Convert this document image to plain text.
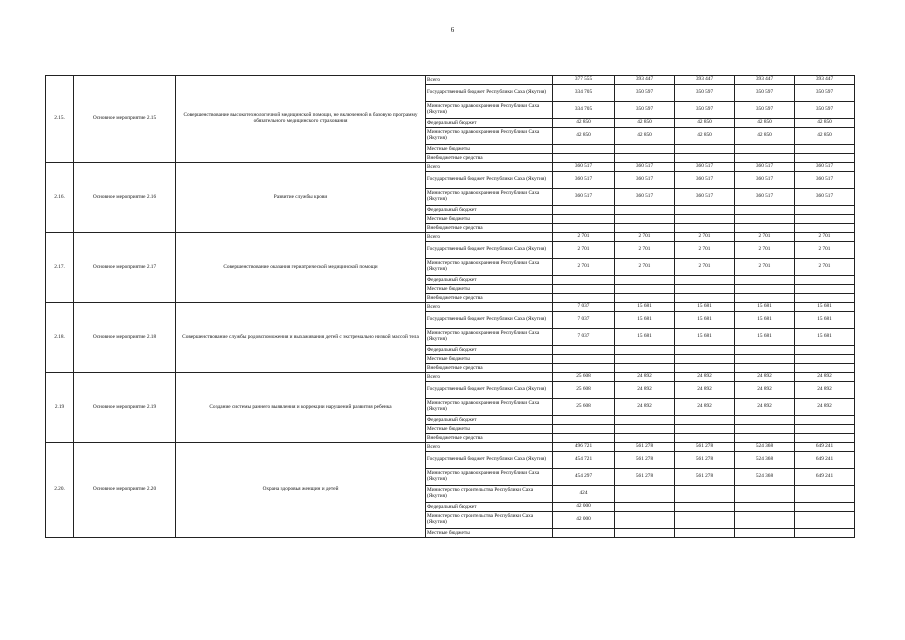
6
2.15.	Основное мероприятие 2.15	Совершенствование высокотехнологичной медицинской помощи, не включенной в базовую программу обязательного медицинского страхования	Всего	377 555	393 447	393 447	393 447	393 447
			Государственный бюджет Республики Саха (Якутия)	334 705	350 597	350 597	350 597	350 597
			Министерство здравоохранения Республики Саха (Якутия)	334 705	350 597	350 597	350 597	350 597
			Федеральный бюджет	42 850	42 850	42 850	42 850	42 850
			Министерство здравоохранения Республики Саха (Якутия)	42 850	42 850	42 850	42 850	42 850
			Местные бюджеты					
			Внебюджетные средства					
2.16.	Основное мероприятие 2.16	Развитие службы крови	Всего	360 517	360 517	360 517	360 517	360 517
			Государственный бюджет Республики Саха (Якутия)	360 517	360 517	360 517	360 517	360 517
			Министерство здравоохранения Республики Саха (Якутия)	360 517	360 517	360 517	360 517	360 517
			Федеральный бюджет					
			Местные бюджеты					
			Внебюджетные средства					
2.17.	Основное мероприятие 2.17	Совершенствование оказания гериатрической медицинской помощи	Всего	2 701	2 701	2 701	2 701	2 701
			Государственный бюджет Республики Саха (Якутия)	2 701	2 701	2 701	2 701	2 701
			Министерство здравоохранения Республики Саха (Якутия)	2 701	2 701	2 701	2 701	2 701
			Федеральный бюджет					
			Местные бюджеты					
			Внебюджетные средства					
2.18.	Основное мероприятие 2.18	Совершенствование службы родовспоможения и выхаживания детей с экстремально низкой массой тела	Всего	7 037	15 681	15 681	15 681	15 681
			Государственный бюджет Республики Саха (Якутия)	7 037	15 681	15 681	15 681	15 681
			Министерство здравоохранения Республики Саха (Якутия)	7 037	15 681	15 681	15 681	15 681
			Федеральный бюджет					
			Местные бюджеты					
			Внебюджетные средства					
2.19	Основное мероприятие 2.19	Создание системы раннего выявления и коррекции нарушений развития ребенка	Всего	25 608	24 892	24 892	24 892	24 892
			Государственный бюджет Республики Саха (Якутия)	25 608	24 892	24 892	24 892	24 892
			Министерство здравоохранения Республики Саха (Якутия)	25 608	24 892	24 892	24 892	24 892
			Федеральный бюджет					
			Местные бюджеты					
			Внебюджетные средства					
2.20.	Основное мероприятие 2.20	Охрана здоровья женщин и детей	Всего	496 721	561 278	561 278	524 368	649 241
			Государственный бюджет Республики Саха (Якутия)	454 721	561 278	561 278	524 368	649 241
			Министерство здравоохранения Республики Саха (Якутия)	454 297	561 278	561 278	524 368	649 241
			Министерство строительства Республики Саха (Якутия)	424				
			Федеральный бюджет	42 000				
			Министерство строительства Республики Саха (Якутия)	42 000				
			Местные бюджеты					
